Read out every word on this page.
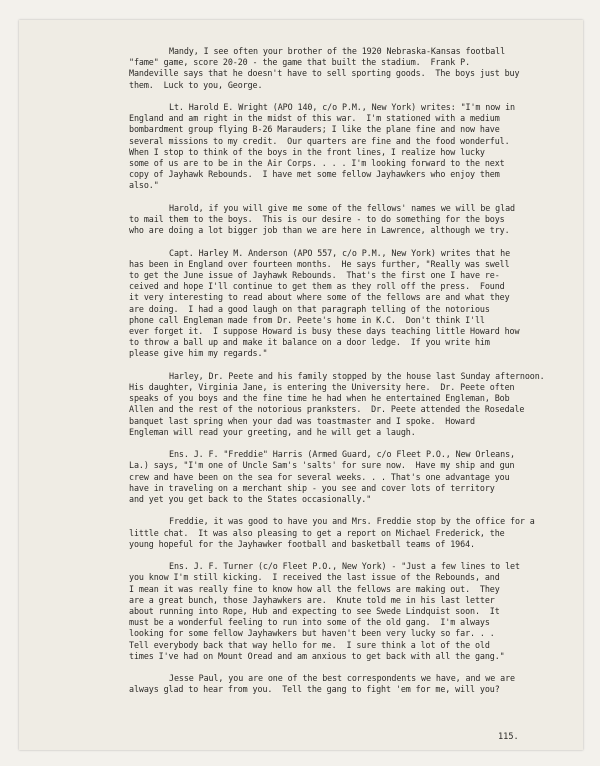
Mandy, I see often your brother of the 1920 Nebraska-Kansas football
"fame" game, score 20-20 - the game that built the stadium.  Frank P.
Mandeville says that he doesn't have to sell sporting goods.  The boys just buy
them.  Luck to you, George.
Lt. Harold E. Wright (APO 140, c/o P.M., New York) writes: "I'm now in
England and am right in the midst of this war.  I'm stationed with a medium
bombardment group flying B-26 Marauders; I like the plane fine and now have
several missions to my credit.  Our quarters are fine and the food wonderful.
When I stop to think of the boys in the front lines, I realize how lucky
some of us are to be in the Air Corps. . . . I'm looking forward to the next
copy of Jayhawk Rebounds.  I have met some fellow Jayhawkers who enjoy them
also."
Harold, if you will give me some of the fellows' names we will be glad
to mail them to the boys.  This is our desire - to do something for the boys
who are doing a lot bigger job than we are here in Lawrence, although we try.
Capt. Harley M. Anderson (APO 557, c/o P.M., New York) writes that he
has been in England over fourteen months.  He says further, "Really was swell
to get the June issue of Jayhawk Rebounds.  That's the first one I have re-
ceived and hope I'll continue to get them as they roll off the press.  Found
it very interesting to read about where some of the fellows are and what they
are doing.  I had a good laugh on that paragraph telling of the notorious
phone call Engleman made from Dr. Peete's home in K.C.  Don't think I'll
ever forget it.  I suppose Howard is busy these days teaching little Howard how
to throw a ball up and make it balance on a door ledge.  If you write him
please give him my regards."
Harley, Dr. Peete and his family stopped by the house last Sunday afternoon.
His daughter, Virginia Jane, is entering the University here.  Dr. Peete often
speaks of you boys and the fine time he had when he entertained Engleman, Bob
Allen and the rest of the notorious pranksters.  Dr. Peete attended the Rosedale
banquet last spring when your dad was toastmaster and I spoke.  Howard
Engleman will read your greeting, and he will get a laugh.
Ens. J. F. "Freddie" Harris (Armed Guard, c/o Fleet P.O., New Orleans,
La.) says, "I'm one of Uncle Sam's 'salts' for sure now.  Have my ship and gun
crew and have been on the sea for several weeks. . . That's one advantage you
have in traveling on a merchant ship - you see and cover lots of territory
and yet you get back to the States occasionally."
Freddie, it was good to have you and Mrs. Freddie stop by the office for a
little chat.  It was also pleasing to get a report on Michael Frederick, the
young hopeful for the Jayhawker football and basketball teams of 1964.
Ens. J. F. Turner (c/o Fleet P.O., New York) - "Just a few lines to let
you know I'm still kicking.  I received the last issue of the Rebounds, and
I mean it was really fine to know how all the fellows are making out.  They
are a great bunch, those Jayhawkers are.  Knute told me in his last letter
about running into Rope, Hub and expecting to see Swede Lindquist soon.  It
must be a wonderful feeling to run into some of the old gang.  I'm always
looking for some fellow Jayhawkers but haven't been very lucky so far. . .
Tell everybody back that way hello for me.  I sure think a lot of the old
times I've had on Mount Oread and am anxious to get back with all the gang."
Jesse Paul, you are one of the best correspondents we have, and we are
always glad to hear from you.  Tell the gang to fight 'em for me, will you?
115.
